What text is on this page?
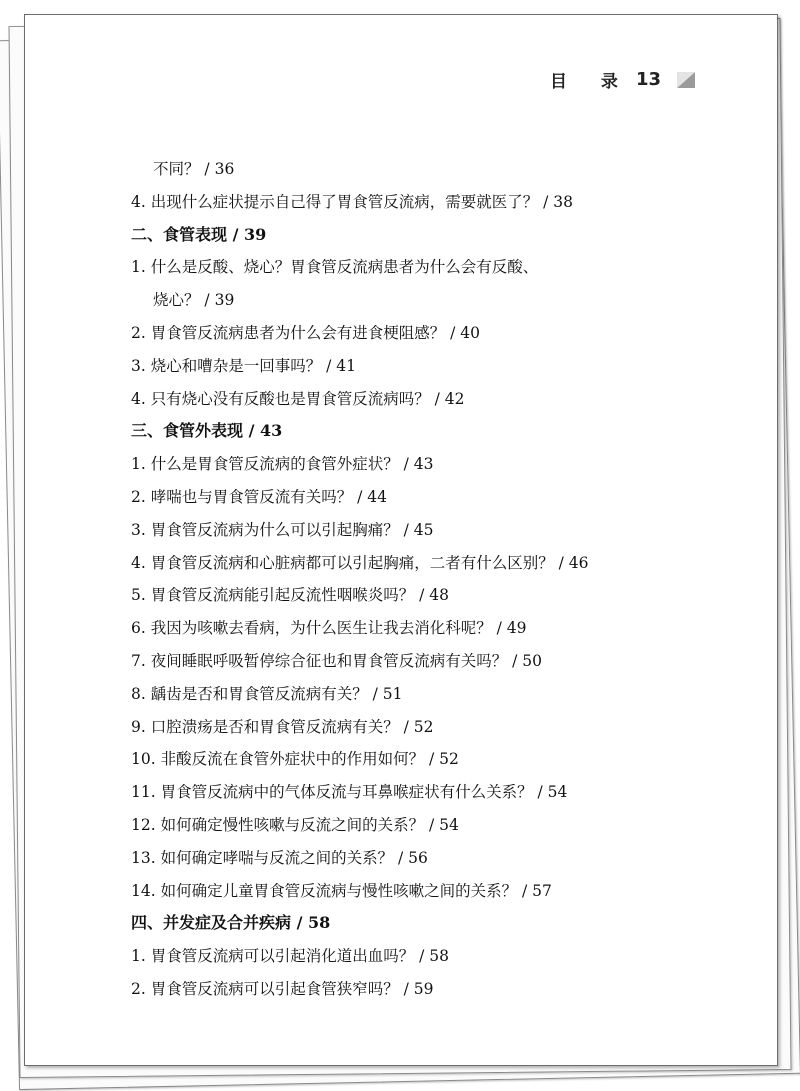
目 录 13
不同？ / 36
4. 出现什么症状提示自己得了胃食管反流病，需要就医了？ / 38
二、食管表现 / 39
1. 什么是反酸、烧心？胃食管反流病患者为什么会有反酸、
烧心？ / 39
2. 胃食管反流病患者为什么会有进食梗阻感？ / 40
3. 烧心和嘈杂是一回事吗？ / 41
4. 只有烧心没有反酸也是胃食管反流病吗？ / 42
三、食管外表现 / 43
1. 什么是胃食管反流病的食管外症状？ / 43
2. 哮喘也与胃食管反流有关吗？ / 44
3. 胃食管反流病为什么可以引起胸痛？ / 45
4. 胃食管反流病和心脏病都可以引起胸痛，二者有什么区别？ / 46
5. 胃食管反流病能引起反流性咽喉炎吗？ / 48
6. 我因为咳嗽去看病，为什么医生让我去消化科呢？ / 49
7. 夜间睡眠呼吸暂停综合征也和胃食管反流病有关吗？ / 50
8. 龋齿是否和胃食管反流病有关？ / 51
9. 口腔溃疡是否和胃食管反流病有关？ / 52
10. 非酸反流在食管外症状中的作用如何？ / 52
11. 胃食管反流病中的气体反流与耳鼻喉症状有什么关系？ / 54
12. 如何确定慢性咳嗽与反流之间的关系？ / 54
13. 如何确定哮喘与反流之间的关系？ / 56
14. 如何确定儿童胃食管反流病与慢性咳嗽之间的关系？ / 57
四、并发症及合并疾病 / 58
1. 胃食管反流病可以引起消化道出血吗？ / 58
2. 胃食管反流病可以引起食管狭窄吗？ / 59
